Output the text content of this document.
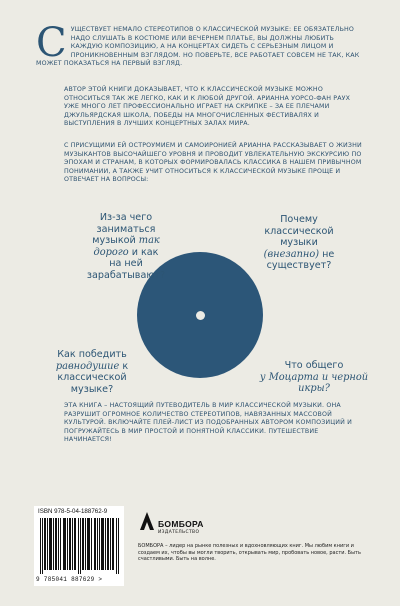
С УЩЕСТВУЕТ НЕМАЛО СТЕРЕОТИПОВ О КЛАССИЧЕСКОЙ МУЗЫКЕ: ЕЕ ОБЯЗАТЕЛЬНО НАДО СЛУШАТЬ В КОСТЮМЕ ИЛИ ВЕЧЕРНЕМ ПЛАТЬЕ, ВЫ ДОЛЖНЫ ЛЮБИТЬ КАЖДУЮ КОМПОЗИЦИЮ, А НА КОНЦЕРТАХ СИДЕТЬ С СЕРЬЕЗНЫМ ЛИЦОМ И ПРОНИКНОВЕННЫМ ВЗГЛЯДОМ. НО ПОВЕРЬТЕ, ВСЕ РАБОТАЕТ СОВСЕМ НЕ ТАК, КАК МОЖЕТ ПОКАЗАТЬСЯ НА ПЕРВЫЙ ВЗГЛЯД.

АВТОР ЭТОЙ КНИГИ ДОКАЗЫВАЕТ, ЧТО К КЛАССИЧЕСКОЙ МУЗЫКЕ МОЖНО ОТНОСИТЬСЯ ТАК ЖЕ ЛЕГКО, КАК И К ЛЮБОЙ ДРУГОЙ. АРИАННА УОРСО-ФАН РАУХ УЖЕ МНОГО ЛЕТ ПРОФЕССИОНАЛЬНО ИГРАЕТ НА СКРИПКЕ – ЗА ЕЕ ПЛЕЧАМИ ДЖУЛЬЯРДСКАЯ ШКОЛА, ПОБЕДЫ НА МНОГОЧИСЛЕННЫХ ФЕСТИВАЛЯХ И ВЫСТУПЛЕНИЯ В ЛУЧШИХ КОНЦЕРТНЫХ ЗАЛАХ МИРА.

С ПРИСУЩИМИ ЕЙ ОСТРОУМИЕМ И САМОИРОНИЕЙ АРИАННА РАССКАЗЫВАЕТ О ЖИЗНИ МУЗЫКАНТОВ ВЫСОЧАЙШЕГО УРОВНЯ И ПРОВОДИТ УВЛЕКАТЕЛЬНУЮ ЭКСКУРСИЮ ПО ЭПОХАМ И СТРАНАМ, В КОТОРЫХ ФОРМИРОВАЛАСЬ КЛАССИКА В НАШЕМ ПРИВЫЧНОМ ПОНИМАНИИ, А ТАКЖЕ УЧИТ ОТНОСИТЬСЯ К КЛАССИЧЕСКОЙ МУЗЫКЕ ПРОЩЕ И ОТВЕЧАЕТ НА ВОПРОСЫ:

Из-за чего заниматься музыкой так дорого и как на ней зарабатывают?
Почему классической музыки (внезапно) не существует?
Как победить равнодушие к классической музыке?
Что общего
у Моцарта и черной икры?

ЭТА КНИГА – НАСТОЯЩИЙ ПУТЕВОДИТЕЛЬ В МИР КЛАССИЧЕСКОЙ МУЗЫКИ. ОНА РАЗРУШИТ ОГРОМНОЕ КОЛИЧЕСТВО СТЕРЕОТИПОВ, НАВЯЗАННЫХ МАССОВОЙ КУЛЬТУРОЙ. ВКЛЮЧАЙТЕ ПЛЕЙ-ЛИСТ ИЗ ПОДОБРАННЫХ АВТОРОМ КОМПОЗИЦИЙ И ПОГРУЖАЙТЕСЬ В МИР ПРОСТОЙ И ПОНЯТНОЙ КЛАССИКИ. ПУТЕШЕСТВИЕ НАЧИНАЕТСЯ!

ISBN 978-5-04-188762-9

9 785041 887629 >

БОМБОРА

ИЗДАТЕЛЬСТВО

БОМБОРА – лидер на рынке полезных и вдохновляющих книг. Мы любим книги и создаем их, чтобы вы могли творить, открывать мир, пробовать новое, расти. Быть счастливыми. Быть на волне.
